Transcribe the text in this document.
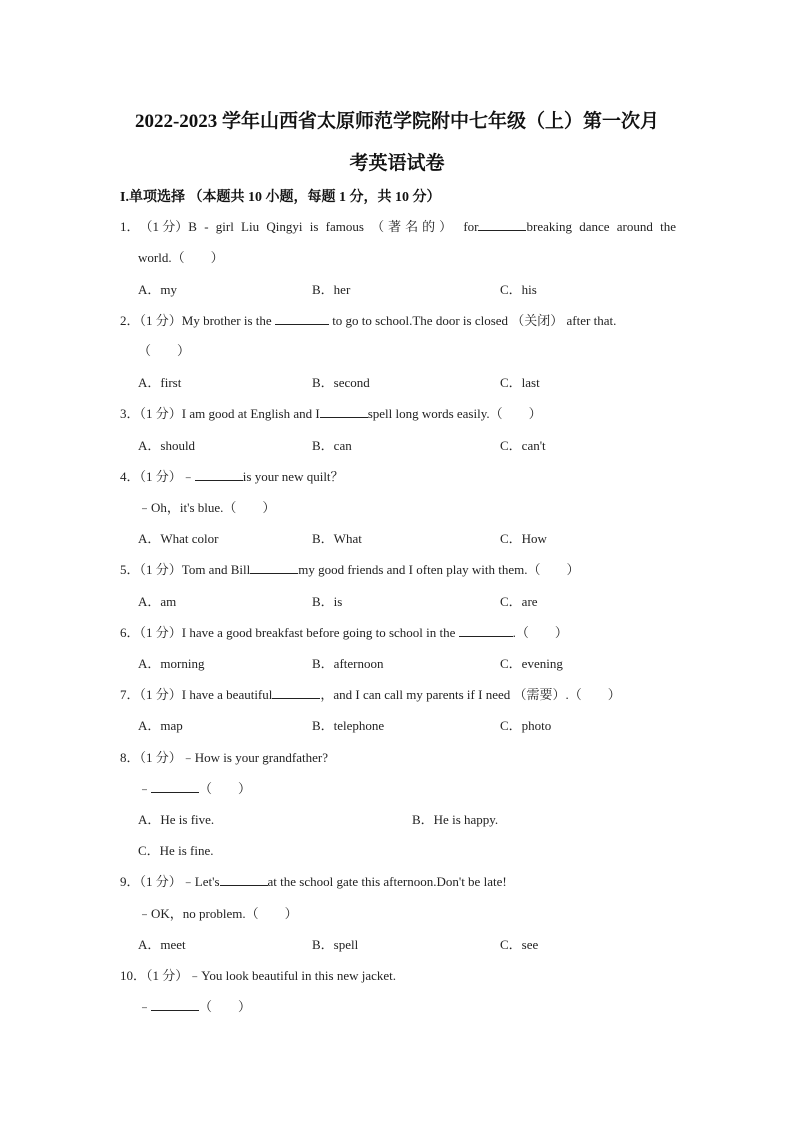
2022-2023 学年山西省太原师范学院附中七年级（上）第一次月
考英语试卷
I.单项选择 （本题共 10 小题，每题 1 分，共 10 分）
1． （1 分） B - girl Liu Qingyi is famous （著名的） for	breaking dance around the
world.（　　）
A．my	B．her	C．his
2．（1 分）My brother is the	to go to school.The door is closed （关闭） after that.
（　　）
A．first	B．second	C．last
3．（1 分）I am good at English and I	spell long words easily.（　　）
A．should	B．can	C．can't
4．（1 分）﹣	is your new quilt？
﹣Oh，it's blue.（　　）
A．What color	B．What	C．How
5．（1 分）Tom and Bill	my good friends and I often play with them.（　　）
A．am	B．is	C．are
6．（1 分）I have a good breakfast before going to school in the	.（　　）
A．morning	B．afternoon	C．evening
7．（1 分）I have a beautiful	，and I can call my parents if I need （需要）.（　　）
A．map	B．telephone	C．photo
8．（1 分）﹣How is your grandfather?
﹣	（　　）
A．He is five.	B．He is happy.
C．He is fine.
9．（1 分）﹣Let's	at the school gate this afternoon.Don't be late!
﹣OK，no problem.（　　）
A．meet	B．spell	C．see
10．（1 分）﹣You look beautiful in this new jacket.
﹣	（　　）
